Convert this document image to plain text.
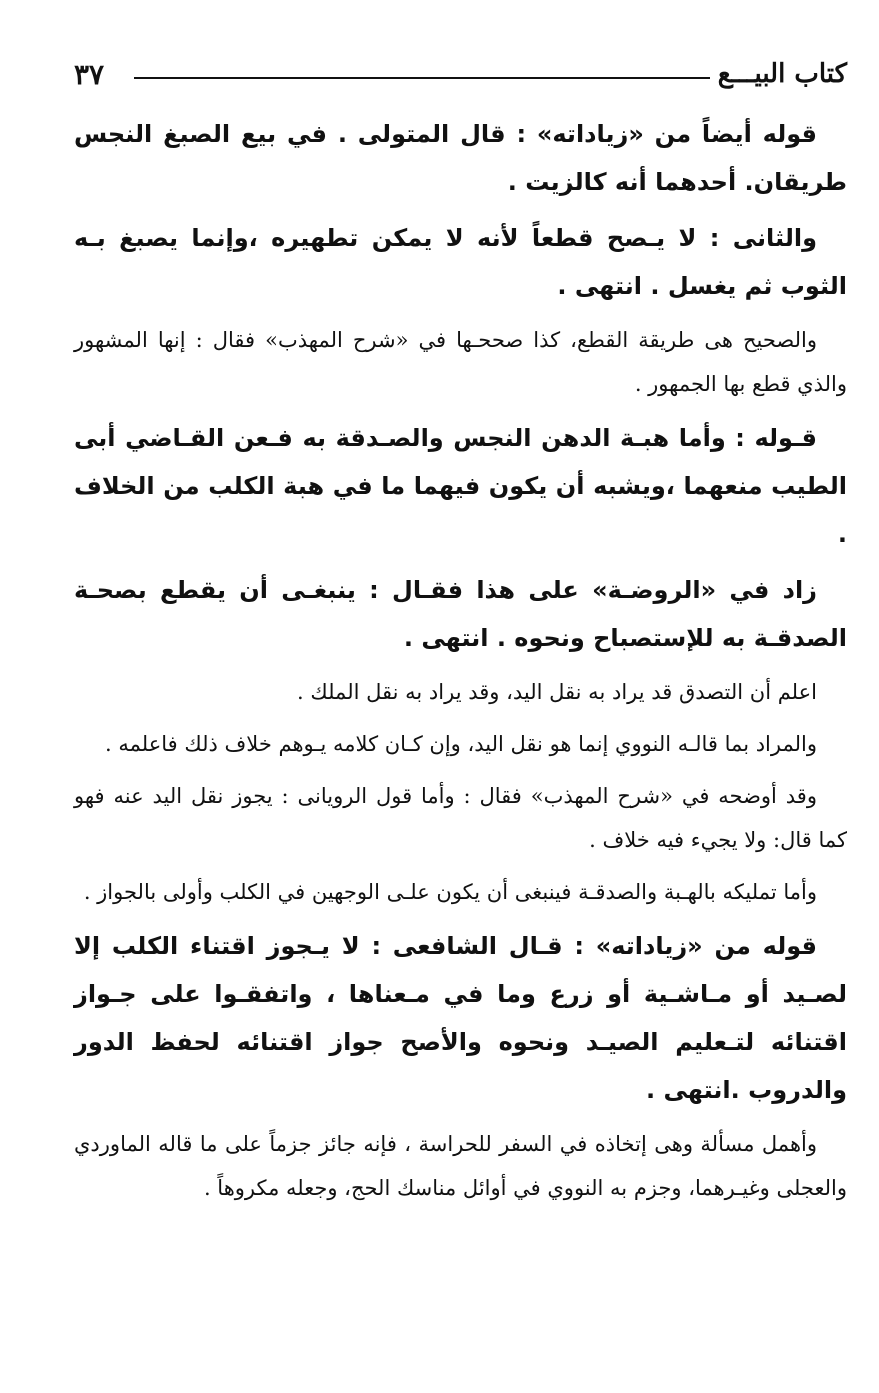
كتاب البيـــع
٣٧

قوله أيضاً من «زياداته» : قال المتولى . في بيع الصبغ النجس طريقان. أحدهما أنه كالزيت .

والثانى : لا يـصح قطعاً لأنه لا يمكن تطهيره ،وإنما يصبغ بـه الثوب ثم يغسل . انتهى .

والصحيح هى طريقة القطع، كذا صححـها في «شرح المهذب» فقال : إنها المشهور والذي قطع بها الجمهور .

قـوله : وأما هبـة الدهن النجس والصـدقة به فـعن القـاضي أبى الطيب منعهما ،ويشبه أن يكون فيهما ما في هبة الكلب من الخلاف .

زاد في «الروضـة» على هذا فقـال : ينبغـى أن يقطع بصحـة الصدقـة به للإستصباح ونحوه . انتهى .

اعلم أن التصدق قد يراد به نقل اليد، وقد يراد به نقل الملك .

والمراد بما قالـه النووي إنما هو نقل اليد، وإن كـان كلامه يـوهم خلاف ذلك فاعلمه .

وقد أوضحه في «شرح المهذب» فقال : وأما قول الرويانى : يجوز نقل اليد عنه فهو كما قال: ولا يجيء فيه خلاف .

وأما تمليكه بالهـبة والصدقـة فينبغى أن يكون علـى الوجهين في الكلب وأولى بالجواز .

قوله من «زياداته» : قـال الشافعى : لا يـجوز اقتناء الكلب إلا لصـيد أو مـاشـية أو زرع وما في مـعناها ، واتفقـوا على جـواز اقتنائه لتـعليم الصيـد ونحوه والأصح جواز اقتنائه لحفظ الدور والدروب .انتهى .

وأهمل مسألة وهى إتخاذه في السفر للحراسة ، فإنه جائز جزماً على ما قاله الماوردي والعجلى وغيـرهما، وجزم به النووي في أوائل مناسك الحج، وجعله مكروهاً .
